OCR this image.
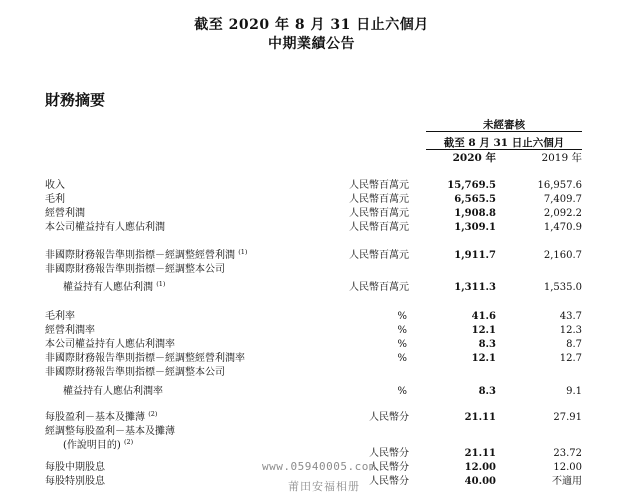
截至 2020 年 8 月 31 日止六個月
中期業績公告
財務摘要
未經審核
截至 8 月 31 日止六個月
2020 年	2019 年
收入	人民幣百萬元	15,769.5	16,957.6
毛利	人民幣百萬元	6,565.5	7,409.7
經營利潤	人民幣百萬元	1,908.8	2,092.2
本公司權益持有人應佔利潤	人民幣百萬元	1,309.1	1,470.9
非國際財務報告準則指標－經調整經營利潤 $^{(1)}$	人民幣百萬元	1,911.7	2,160.7
非國際財務報告準則指標－經調整本公司
權益持有人應佔利潤 $^{(1)}$	人民幣百萬元	1,311.3	1,535.0
毛利率	%	41.6	43.7
經營利潤率	%	12.1	12.3
本公司權益持有人應佔利潤率	%	8.3	8.7
非國際財務報告準則指標－經調整經營利潤率	%	12.1	12.7
非國際財務報告準則指標－經調整本公司
權益持有人應佔利潤率	%	8.3	9.1
每股盈利－基本及攤薄 $^{(2)}$	人民幣分	21.11	27.91
經調整每股盈利－基本及攤薄
(作說明目的) $^{(2)}$
人民幣分	21.11	23.72
每股中期股息	人民幣分	12.00	12.00
每股特別股息	人民幣分	40.00	不適用
www.05940005.com
莆田安福相册
